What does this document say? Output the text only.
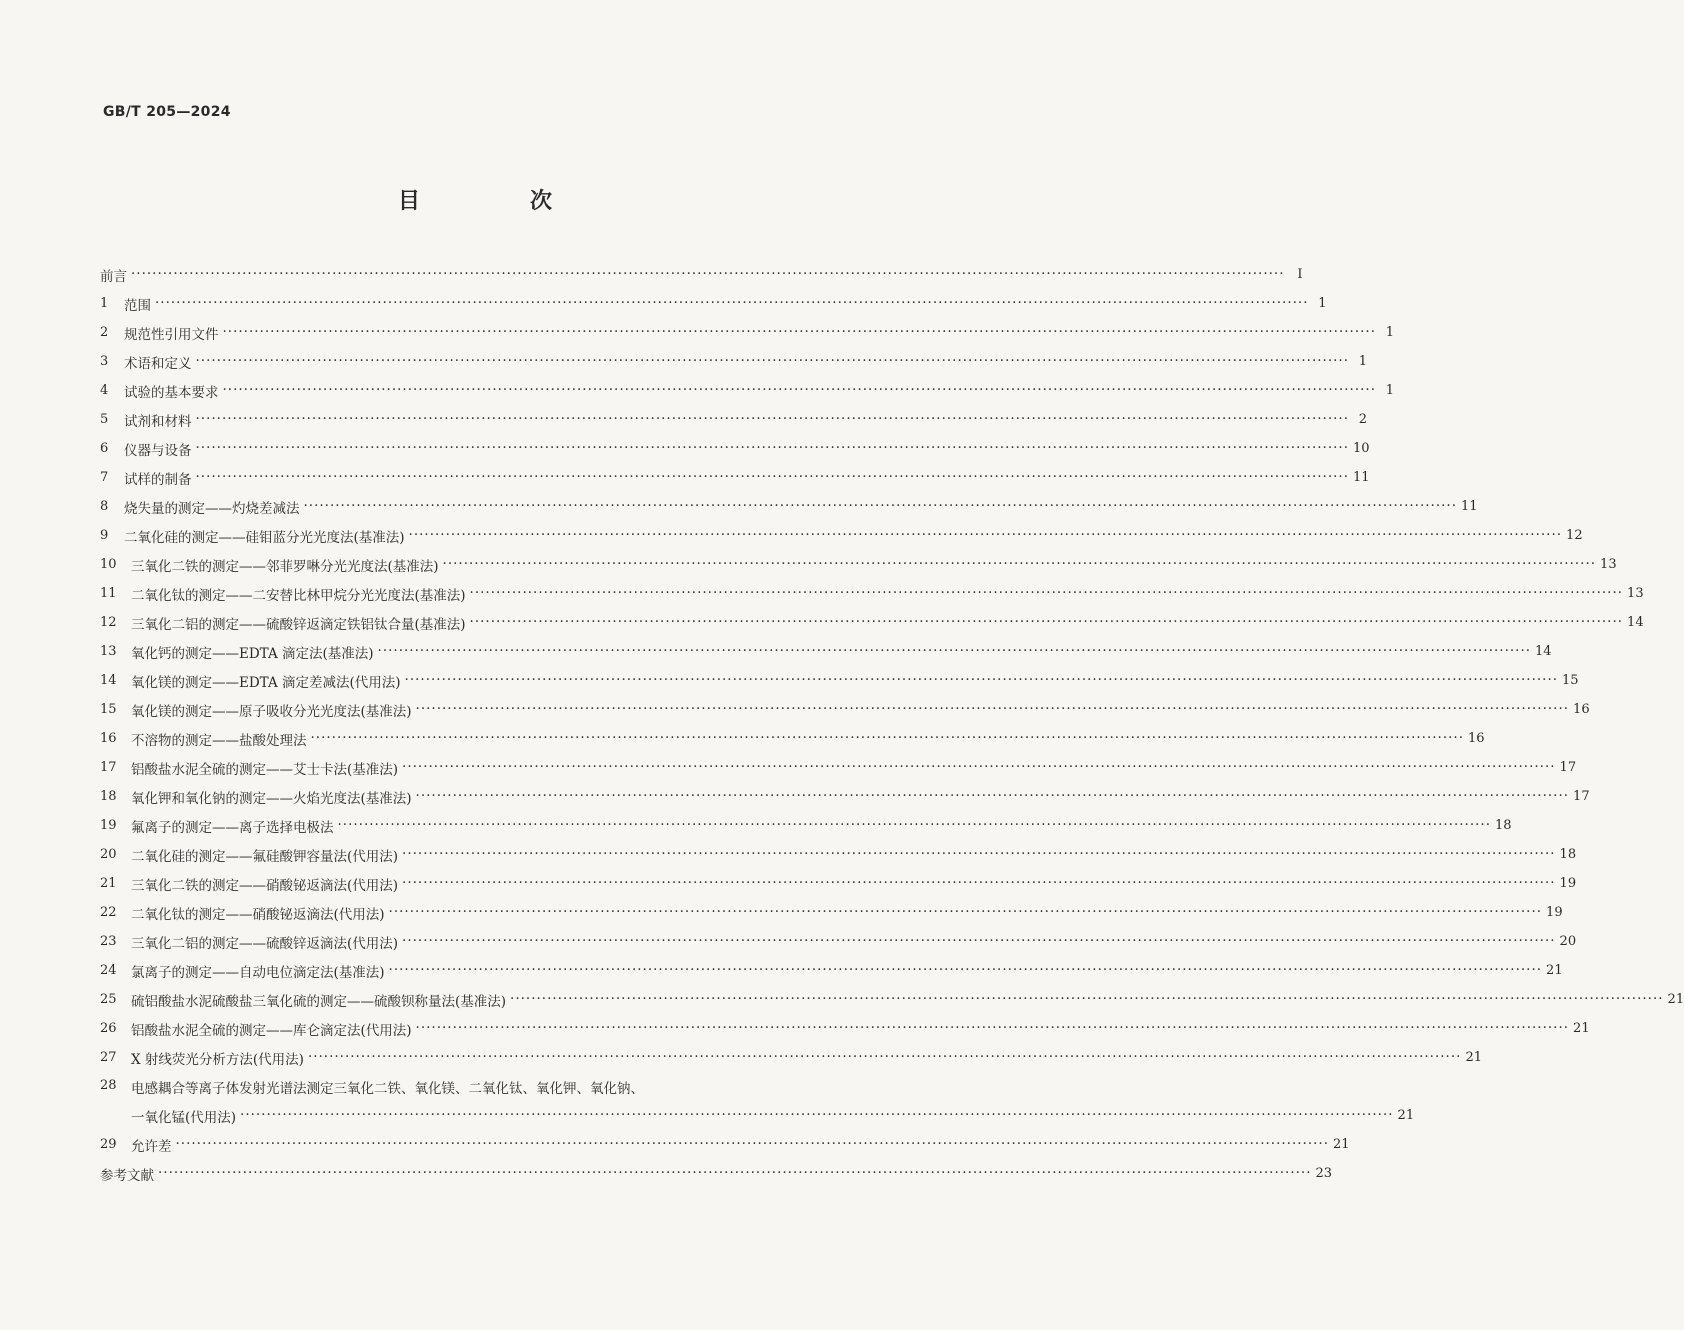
GB/T 205—2024
目　次
前言 ·····	I
1	范围 ·····	1
2	规范性引用文件 ·····	1
3	术语和定义 ·····	1
4	试验的基本要求 ·····	1
5	试剂和材料 ·····	2
6	仪器与设备 ·····	10
7	试样的制备 ·····	11
8	烧失量的测定——灼烧差减法 ·····	11
9	二氧化硅的测定——硅钼蓝分光光度法(基准法) ·····	12
10	三氧化二铁的测定——邻菲罗啉分光光度法(基准法) ·····	13
11	二氧化钛的测定——二安替比林甲烷分光光度法(基准法) ·····	13
12	三氧化二铝的测定——硫酸锌返滴定铁铝钛合量(基准法) ·····	14
13	氧化钙的测定——EDTA 滴定法(基准法) ·····	14
14	氧化镁的测定——EDTA 滴定差减法(代用法) ·····	15
15	氧化镁的测定——原子吸收分光光度法(基准法) ·····	16
16	不溶物的测定——盐酸处理法 ·····	16
17	铝酸盐水泥全硫的测定——艾士卡法(基准法) ·····	17
18	氧化钾和氧化钠的测定——火焰光度法(基准法) ·····	17
19	氟离子的测定——离子选择电极法 ·····	18
20	二氧化硅的测定——氟硅酸钾容量法(代用法) ·····	18
21	三氧化二铁的测定——硝酸铋返滴法(代用法) ·····	19
22	二氧化钛的测定——硝酸铋返滴法(代用法) ·····	19
23	三氧化二铝的测定——硫酸锌返滴法(代用法) ·····	20
24	氯离子的测定——自动电位滴定法(基准法) ·····	21
25	硫铝酸盐水泥硫酸盐三氧化硫的测定——硫酸钡称量法(基准法) ·····	21
26	铝酸盐水泥全硫的测定——库仑滴定法(代用法) ·····	21
27	X 射线荧光分析方法(代用法) ·····	21
28	电感耦合等离子体发射光谱法测定三氧化二铁、氧化镁、二氧化钛、氧化钾、氧化钠、
一氧化锰(代用法) ·····	21
29	允许差 ·····	21
参考文献 ·····	23
